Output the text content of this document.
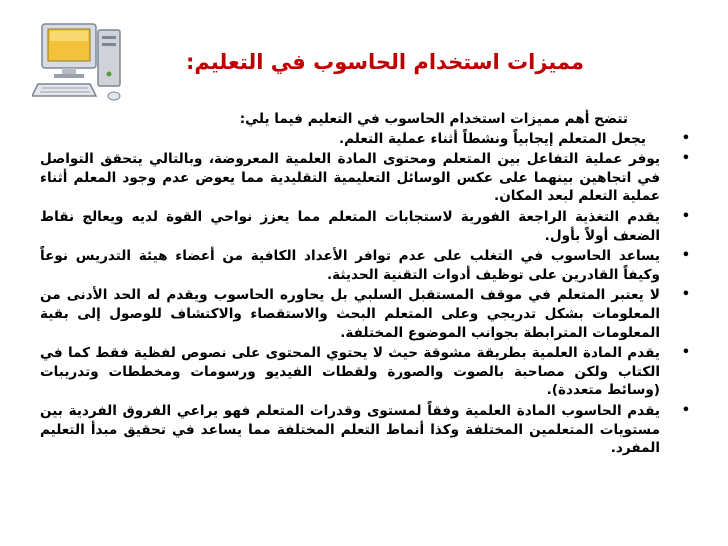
مميزات استخدام الحاسوب في التعليم:
تتضح أهم مميزات استخدام الحاسوب في التعليم فيما يلي:
•
يجعل المتعلم إيجابياً ونشطاً أثناء عملية التعلم.
•
يوفر عملية التفاعل بين المتعلم ومحتوى المادة العلمية المعروضة، وبالتالي يتحقق التواصل في اتجاهين بينهما على عكس الوسائل التعليمية التقليدية مما يعوض عدم وجود المعلم أثناء عملية التعلم لبعد المكان.
•
يقدم التغذية الراجعة الفورية لاستجابات المتعلم مما يعزز نواحي القوة لديه ويعالج نقاط الضعف أولاً بأول.
•
يساعد الحاسوب في التغلب على عدم توافر الأعداد الكافية من أعضاء هيئة التدريس نوعاً وكيفاً القادرين على توظيف أدوات التقنية الحديثة.
•
لا يعتبر المتعلم في موقف المستقبل السلبي بل يحاوره الحاسوب ويقدم له الحد الأدنى من المعلومات بشكل تدريجي وعلى المتعلم البحث والاستقصاء والاكتشاف للوصول إلى بقية المعلومات المترابطة بجوانب الموضوع المختلفة.
•
يقدم المادة العلمية بطريقة مشوقة حيث لا يحتوي المحتوى على نصوص لفظية فقط كما في الكتاب ولكن مصاحبة بالصوت والصورة ولقطات الفيديو ورسومات ومخططات وتدريبات (وسائط متعددة).
•
يقدم الحاسوب المادة العلمية وفقاً لمستوى وقدرات المتعلم فهو يراعي الفروق الفردية بين مستويات المتعلمين المختلفة وكذا أنماط التعلم المختلفة مما يساعد في تحقيق مبدأ التعليم المفرد.
